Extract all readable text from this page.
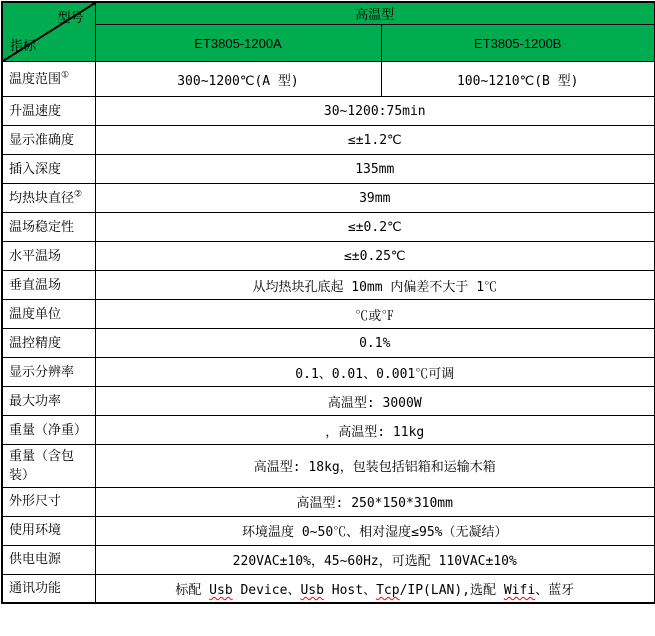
型号
指标	高温型	
	ET3805-1200A	ET3805-1200B
温度范围①	300~1200℃(A 型)	100~1210℃(B 型)
升温速度	30~1200:75min	
显示准确度	≤±1.2℃	
插入深度	135mm	
均热块直径②	39mm	
温场稳定性	≤±0.2℃	
水平温场	≤±0.25℃	
垂直温场	从均热块孔底起 10mm 内偏差不大于 1℃	
温度单位	℃或℉	
温控精度	0.1%	
显示分辨率	0.1、0.01、0.001℃可调	
最大功率	高温型: 3000W	
重量（净重）	，高温型: 11kg	
重量（含包装）	高温型: 18kg，包装包括铝箱和运输木箱	
外形尺寸	高温型: 250*150*310mm	
使用环境	环境温度 0~50℃、相对湿度≤95%（无凝结）	
供电电源	220VAC±10%，45~60Hz，可选配 110VAC±10%	
通讯功能	标配 Usb Device、Usb Host、Tcp/IP(LAN),选配 Wifi、蓝牙	
